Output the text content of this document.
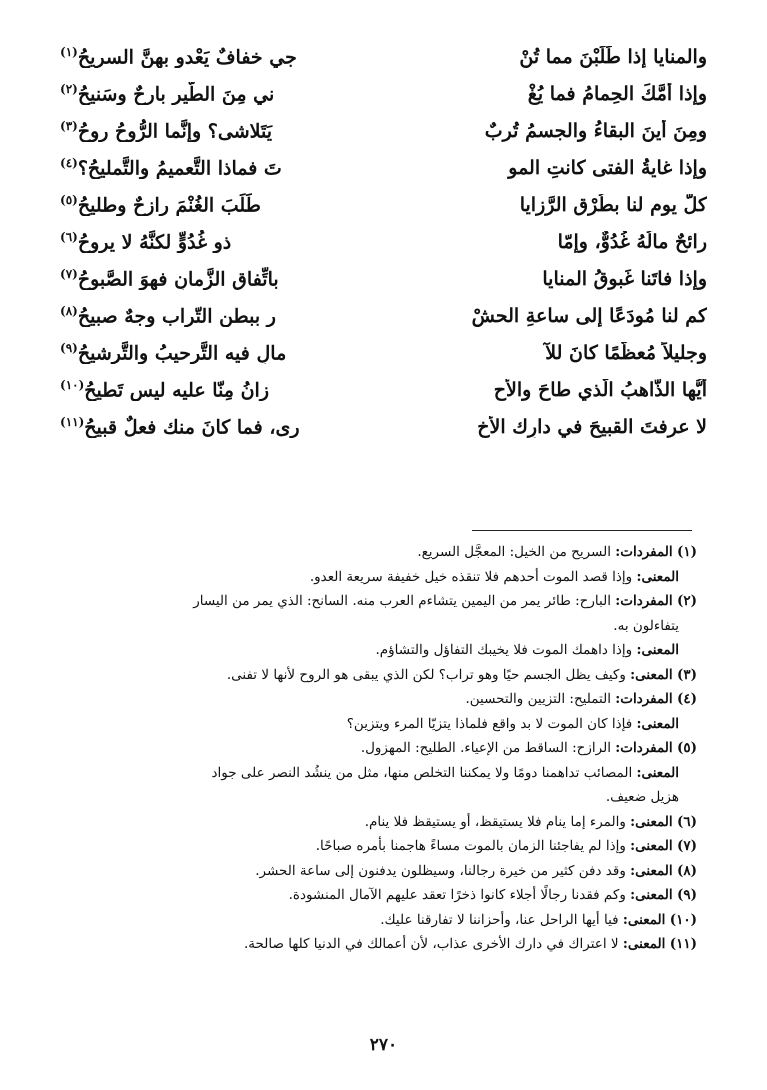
والمنايا إذا طَلَبْنَ مما تُنْ
جي خفافٌ يَعْدو بهنَّ السريحُ$^{(١)}$
وإذا أَمَّكَ الحِمامُ فما يُغْ
ني مِنَ الطَّيرِ بارحٌ وسَنيحُ$^{(٢)}$
ومِنَ أينَ البقاءُ والجسمُ تُربٌ
يَتَلاشى؟ وإنَّما الرُّوحُ روحُ$^{(٣)}$
وإذا غايةُ الفتى كانتِ المو
تَ فماذا التَّعميمُ والتَّمليحُ؟$^{(٤)}$
كلُّ يوم لنا بطُرْقِ الرَّزايا
طَلَبَ الغُنْمَ رازحٌ وطليحُ$^{(٥)}$
رائحٌ مالُهُ غُدُوٌّ، وإمّا
ذو غُدُوٍّ لكنَّهُ لا يروحُ$^{(٦)}$
وإذا فاتَنا غَبوقُ المنايا
باتِّفاقِ الزَّمانِ فهوَ الصَّبوحُ$^{(٧)}$
كم لنا مُودَعًا إلى ساعةِ الحشْ
رِ ببطنِ التّراب وجهٌ صبيحُ$^{(٨)}$
وجليلاً مُعظَّمًا كانَ للآ
مالِ فيه التَّرحيبُ والتَّرشيحُ$^{(٩)}$
أيُّها الذَّاهبُ الّذي طاحَ والأح
زانُ مِنّا عليه ليس تَطيحُ$^{(١٠)}$
لا عرفتَ القبيحَ في دارِك الأخ
رى، فما كانَ منك فعلٌ قبيحُ$^{(١١)}$
(١) المفردات: السريح من الخيل: المعجَّل السريع.
المعنى: وإذا قصد الموت أحدهم فلا تنقذه خيل خفيفة سريعة العدو.
(٢) المفردات: البارح: طائر يمر من اليمين يتشاءم العرب منه. السانح: الذي يمر من اليسار
يتفاءلون به.
المعنى: وإذا داهمك الموت فلا يخيبك التفاؤل والتشاؤم.
(٣) المعنى: وكيف يظل الجسم حيًا وهو تراب؟ لكن الذي يبقى هو الروح لأنها لا تفنى.
(٤) المفردات: التمليح: التزيين والتحسين.
المعنى: فإذا كان الموت لا بد واقع فلماذا يتزيّا المرء ويتزين؟
(٥) المفردات: الرازح: الساقط من الإعياء. الطليح: المهزول.
المعنى: المصائب تداهمنا دومًا ولا يمكننا التخلص منها، مثل من ينشُد النصر على جواد
هزيل ضعيف.
(٦) المعنى: والمرء إما ينام فلا يستيقظ، أو يستيقظ فلا ينام.
(٧) المعنى: وإذا لم يفاجئنا الزمان بالموت مساءً هاجمنا بأمره صباحًا.
(٨) المعنى: وقد دفن كثير من خيرة رجالنا، وسيظلون يدفنون إلى ساعة الحشر.
(٩) المعنى: وكم فقدنا رجالًا أجلاء كانوا ذخرًا تعقد عليهم الآمال المنشودة.
(١٠) المعنى: فيا أيها الراحل عنا، وأحزاننا لا تفارقنا عليك.
(١١) المعنى: لا اعتراك في دارك الأخرى عذاب، لأن أعمالك في الدنيا كلها صالحة.
٢٧٠
